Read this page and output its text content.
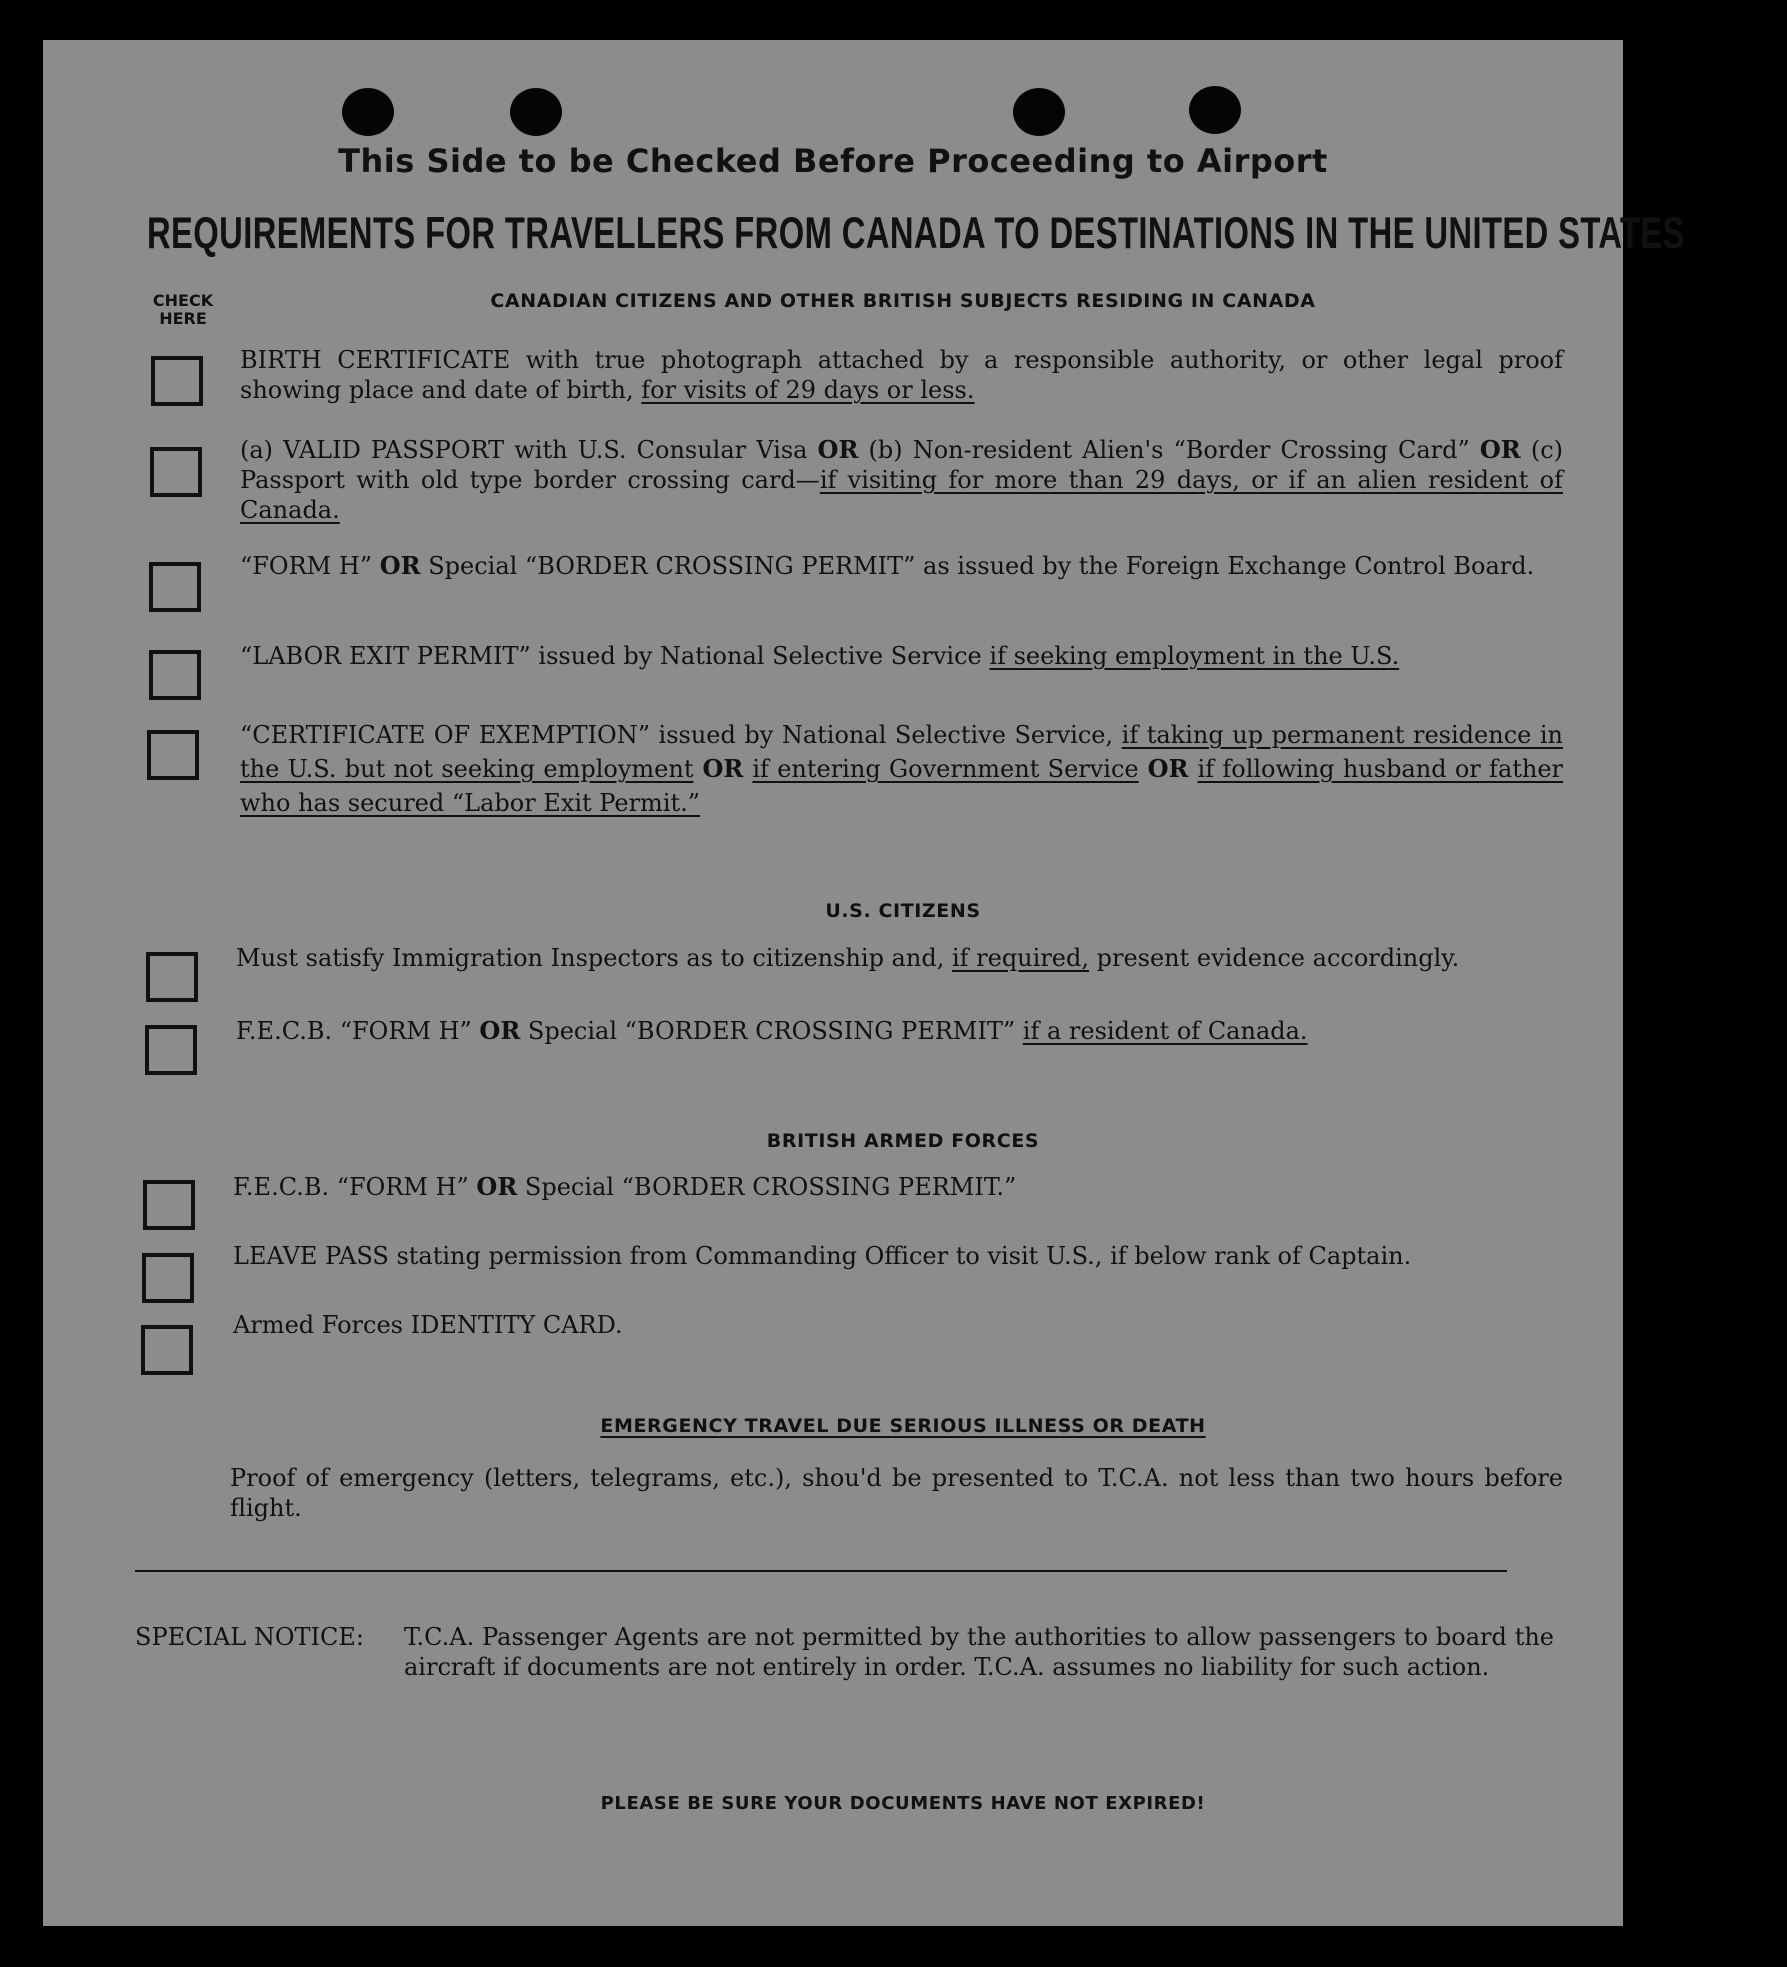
This Side to be Checked Before Proceeding to Airport
REQUIREMENTS FOR TRAVELLERS FROM CANADA TO DESTINATIONS IN THE UNITED STATES
CHECK HERE
CANADIAN CITIZENS AND OTHER BRITISH SUBJECTS RESIDING IN CANADA
BIRTH CERTIFICATE with true photograph attached by a responsible authority, or other legal proof showing place and date of birth, for visits of 29 days or less.
(a) VALID PASSPORT with U.S. Consular Visa OR (b) Non-resident Alien's “Border Crossing Card” OR (c) Passport with old type border crossing card—if visiting for more than 29 days, or if an alien resident of Canada.
“FORM H” OR Special “BORDER CROSSING PERMIT” as issued by the Foreign Exchange Control Board.
“LABOR EXIT PERMIT” issued by National Selective Service if seeking employment in the U.S.
“CERTIFICATE OF EXEMPTION” issued by National Selective Service, if taking up permanent residence in the U.S. but not seeking employment OR if entering Government Service OR if following husband or father who has secured “Labor Exit Permit.”
U.S. CITIZENS
Must satisfy Immigration Inspectors as to citizenship and, if required, present evidence accordingly.
F.E.C.B. “FORM H” OR Special “BORDER CROSSING PERMIT” if a resident of Canada.
BRITISH ARMED FORCES
F.E.C.B. “FORM H” OR Special “BORDER CROSSING PERMIT.”
LEAVE PASS stating permission from Commanding Officer to visit U.S., if below rank of Captain.
Armed Forces IDENTITY CARD.
EMERGENCY TRAVEL DUE SERIOUS ILLNESS OR DEATH
Proof of emergency (letters, telegrams, etc.), shou'd be presented to T.C.A. not less than two hours before flight.
SPECIAL NOTICE:	T.C.A. Passenger Agents are not permitted by the authorities to allow passengers to board the aircraft if documents are not entirely in order. T.C.A. assumes no liability for such action.
PLEASE BE SURE YOUR DOCUMENTS HAVE NOT EXPIRED!
